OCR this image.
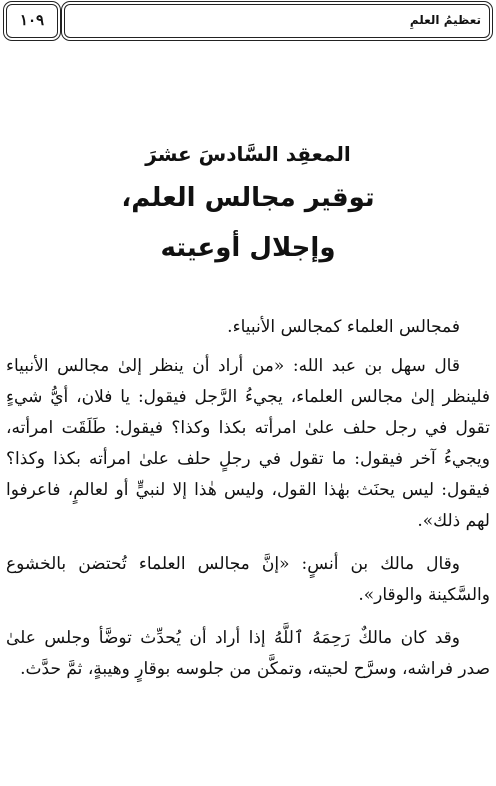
١٠٩	تعظيمُ العلمِ
المعقِد السَّادسَ عشرَ
توقير مجالس العلم،
وإجلال أوعيته

فمجالس العلماء كمجالس الأنبياء.

قال سهل بن عبد الله: «من أراد أن ينظر إلىٰ مجالس الأنبياء فلينظر إلىٰ مجالس العلماء، يجيءُ الرَّجل فيقول: يا فلان، أيُّ شيءٍ تقول في رجل حلف علىٰ امرأته بكذا وكذا؟ فيقول: طَلَقَت امرأته، ويجيءُ آخر فيقول: ما تقول في رجلٍ حلف علىٰ امرأته بكذا وكذا؟ فيقول: ليس يحنَث بهٰذا القول، وليس هٰذا إلا لنبيٍّ أو لعالمٍ، فاعرفوا لهم ذلك».

وقال مالك بن أنسٍ: «إنَّ مجالس العلماء تُحتضن بالخشوع والسَّكينة والوقار».

وقد كان مالكٌ رَحِمَهُ ٱللَّهُ إذا أراد أن يُحدِّث توضَّأ وجلس علىٰ صدر فراشه، وسرَّح لحيته، وتمكَّن من جلوسه بوقارٍ وهيبةٍ، ثمَّ حدَّث.
